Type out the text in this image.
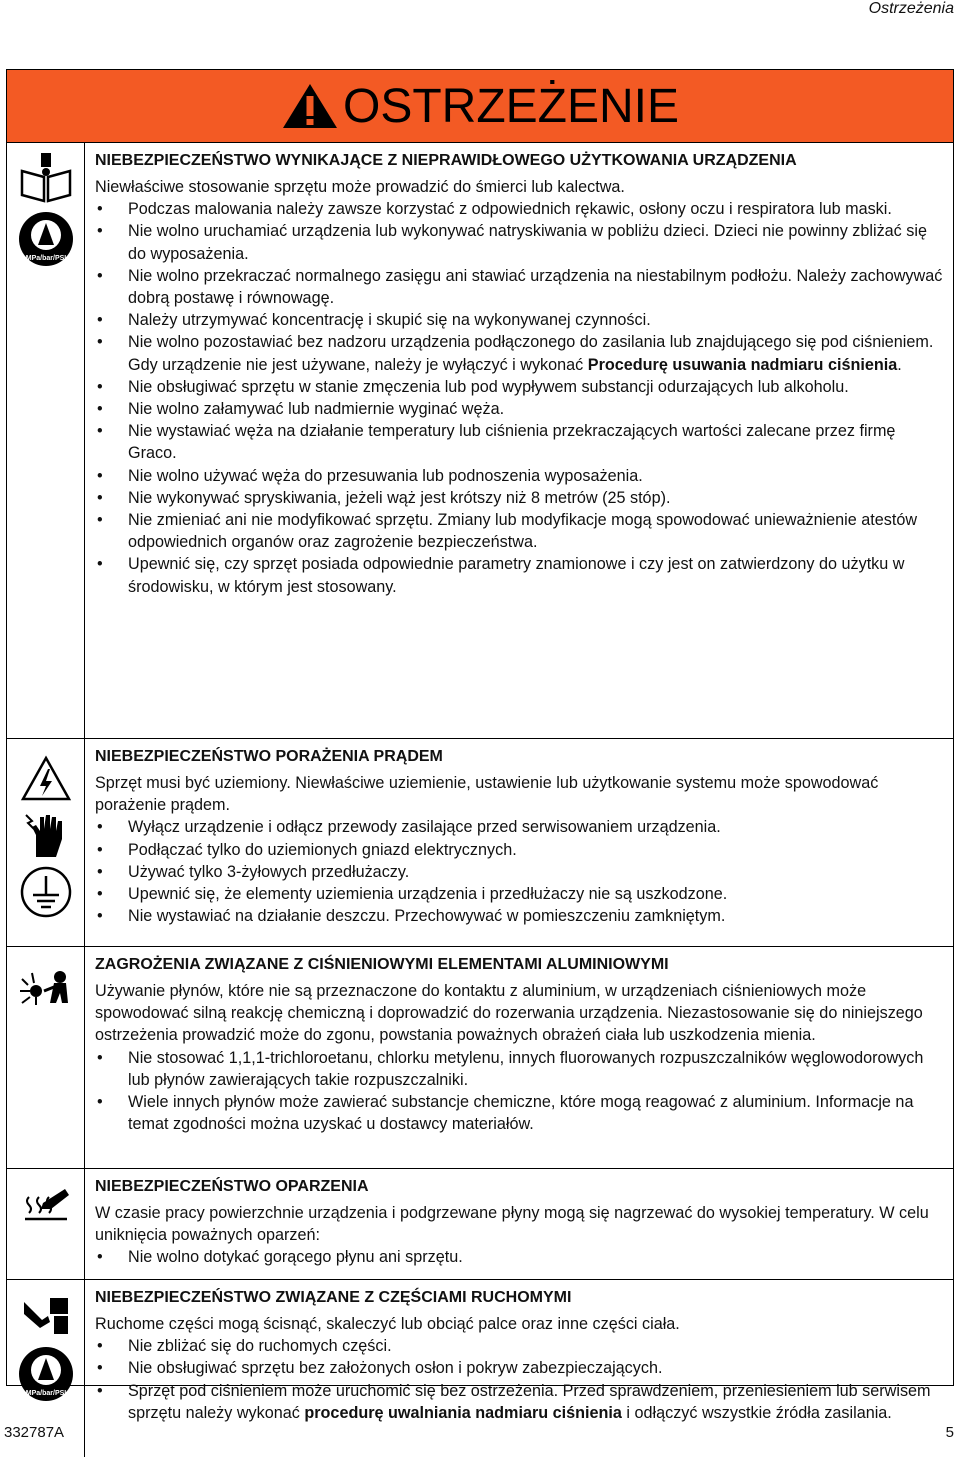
Ostrzeżenia
OSTRZEŻENIE
MPa/bar/PSI
NIEBEZPIECZEŃSTWO WYNIKAJĄCE Z NIEPRAWIDŁOWEGO UŻYTKOWANIA URZĄDZENIA

Niewłaściwe stosowanie sprzętu może prowadzić do śmierci lub kalectwa.

• Podczas malowania należy zawsze korzystać z odpowiednich rękawic, osłony oczu i respiratora lub maski.
• Nie wolno uruchamiać urządzenia lub wykonywać natryskiwania w pobliżu dzieci. Dzieci nie powinny zbliżać się do wyposażenia.
• Nie wolno przekraczać normalnego zasięgu ani stawiać urządzenia na niestabilnym podłożu. Należy zachowywać dobrą postawę i równowagę.
• Należy utrzymywać koncentrację i skupić się na wykonywanej czynności.
• Nie wolno pozostawiać bez nadzoru urządzenia podłączonego do zasilania lub znajdującego się pod ciśnieniem. Gdy urządzenie nie jest używane, należy je wyłączyć i wykonać Procedurę usuwania nadmiaru ciśnienia.
• Nie obsługiwać sprzętu w stanie zmęczenia lub pod wypływem substancji odurzających lub alkoholu.
• Nie wolno załamywać lub nadmiernie wyginać węża.
• Nie wystawiać węża na działanie temperatury lub ciśnienia przekraczających wartości zalecane przez firmę Graco.
• Nie wolno używać węża do przesuwania lub podnoszenia wyposażenia.
• Nie wykonywać spryskiwania, jeżeli wąż jest krótszy niż 8 metrów (25 stóp).
• Nie zmieniać ani nie modyfikować sprzętu. Zmiany lub modyfikacje mogą spowodować unieważnienie atestów odpowiednich organów oraz zagrożenie bezpieczeństwa.
• Upewnić się, czy sprzęt posiada odpowiednie parametry znamionowe i czy jest on zatwierdzony do użytku w środowisku, w którym jest stosowany.
NIEBEZPIECZEŃSTWO PORAŻENIA PRĄDEM

Sprzęt musi być uziemiony. Niewłaściwe uziemienie, ustawienie lub użytkowanie systemu może spowodować porażenie prądem.

• Wyłącz urządzenie i odłącz przewody zasilające przed serwisowaniem urządzenia.
• Podłączać tylko do uziemionych gniazd elektrycznych.
• Używać tylko 3-żyłowych przedłużaczy.
• Upewnić się, że elementy uziemienia urządzenia i przedłużaczy nie są uszkodzone.
• Nie wystawiać na działanie deszczu. Przechowywać w pomieszczeniu zamkniętym.
ZAGROŻENIA ZWIĄZANE Z CIŚNIENIOWYMI ELEMENTAMI ALUMINIOWYMI

Używanie płynów, które nie są przeznaczone do kontaktu z aluminium, w urządzeniach ciśnieniowych może spowodować silną reakcję chemiczną i doprowadzić do rozerwania urządzenia. Niezastosowanie się do niniejszego ostrzeżenia prowadzić może do zgonu, powstania poważnych obrażeń ciała lub uszkodzenia mienia.

• Nie stosować 1,1,1-trichloroetanu, chlorku metylenu, innych fluorowanych rozpuszczalników węglowodorowych lub płynów zawierających takie rozpuszczalniki.
• Wiele innych płynów może zawierać substancje chemiczne, które mogą reagować z aluminium. Informacje na temat zgodności można uzyskać u dostawcy materiałów.
NIEBEZPIECZEŃSTWO OPARZENIA

W czasie pracy powierzchnie urządzenia i podgrzewane płyny mogą się nagrzewać do wysokiej temperatury. W celu uniknięcia poważnych oparzeń:

• Nie wolno dotykać gorącego płynu ani sprzętu.
MPa/bar/PSI
NIEBEZPIECZEŃSTWO ZWIĄZANE Z CZĘŚCIAMI RUCHOMYMI

Ruchome części mogą ścisnąć, skaleczyć lub obciąć palce oraz inne części ciała.

• Nie zbliżać się do ruchomych części.
• Nie obsługiwać sprzętu bez założonych osłon i pokryw zabezpieczających.
• Sprzęt pod ciśnieniem może uruchomić się bez ostrzeżenia. Przed sprawdzeniem, przeniesieniem lub serwisem sprzętu należy wykonać procedurę uwalniania nadmiaru ciśnienia i odłączyć wszystkie źródła zasilania.
332787A	5
